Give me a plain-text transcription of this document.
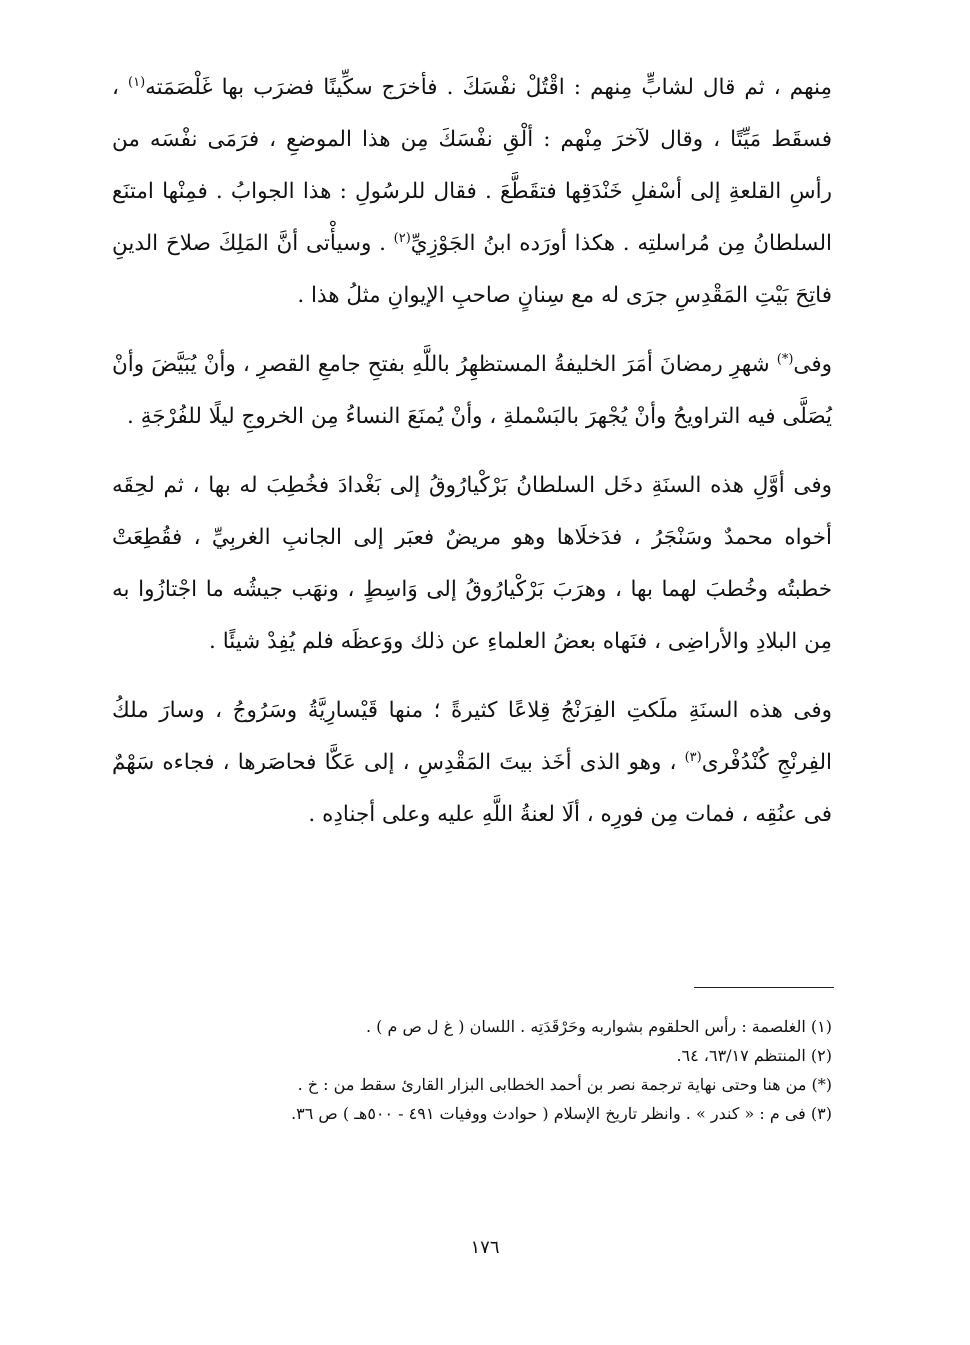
مِنهم ، ثم قال لشابٍّ مِنهم : اقْتُلْ نفْسَكَ . فأخرَج سكِّينًا فضرَب بها غَلْصَمَته$^{(١)}$ ، فسقَط مَيِّتًا ، وقال لآخرَ مِنْهم : ألْقِ نفْسَكَ مِن هذا الموضعِ ، فرَمَى نفْسَه من رأسِ القلعةِ إلى أسْفلِ خَنْدَقِها فتقَطَّعَ . فقال للرسُولِ : هذا الجوابُ . فمِنْها امتنَع السلطانُ مِن مُراسلتِه . هكذا أورَده ابنُ الجَوْزِيِّ$^{(٢)}$ . وسيأْتى أنَّ المَلِكَ صلاحَ الدينِ فاتِحَ بَيْتِ المَقْدِسِ جرَى له مع سِنانٍ صاحبِ الإيوانِ مثلُ هذا .

وفى(*) شهرِ رمضانَ أمَرَ الخليفةُ المستظهِرُ باللَّهِ بفتحِ جامعِ القصرِ ، وأنْ يُبَيَّضَ وأنْ يُصَلَّى فيه التراويحُ وأنْ يُجْهرَ بالبَسْملةِ ، وأنْ يُمنَعَ النساءُ مِن الخروجِ ليلًا للفُرْجَةِ .

وفى أوَّلِ هذه السنَةِ دخَل السلطانُ بَرْكْيارُوقُ إلى بَغْدادَ فخُطِبَ له بها ، ثم لحِقَه أخواه محمدٌ وسَنْجَرُ ، فدَخلَاها وهو مريضٌ فعبَر إلى الجانبِ الغربِيِّ ، فقُطِعَتْ خطبتُه وخُطبَ لهما بها ، وهرَبَ بَرْكْيارُوقُ إلى وَاسِطٍ ، ونهَب جيشُه ما اجْتازُوا به مِن البلادِ والأراضِى ، فنَهاه بعضُ العلماءِ عن ذلك ووَعظَه فلم يُفِدْ شيئًا .

وفى هذه السنَةِ ملَكتِ الفِرَنْجُ قِلاعًا كثيرةً ؛ منها قَيْسارِيَّةُ وسَرُوجُ ، وسارَ ملكُ الفِرنْجِ كُنْدُفْرى$^{(٣)}$ ، وهو الذى أخَذ بيتَ المَقْدِسِ ، إلى عَكَّا فحاصَرها ، فجاءه سَهْمٌ فى عنُقِه ، فمات مِن فورِه ، ألَا لعنةُ اللَّهِ عليه وعلى أجنادِه .

(١) الغلصمة : رأس الحلقوم بشواربه وحَرْقَدَتِه . اللسان ( غ ل ص م ) .

(٢) المنتظم ٦٣/١٧، ٦٤.

(*) من هنا وحتى نهاية ترجمة نصر بن أحمد الخطابى البزار القارئ سقط من : خ .

(٣) فى م : « كندر » . وانظر تاريخ الإسلام ( حوادث ووفيات ٤٩١ - ٥٠٠هـ ) ص ٣٦.

١٧٦
